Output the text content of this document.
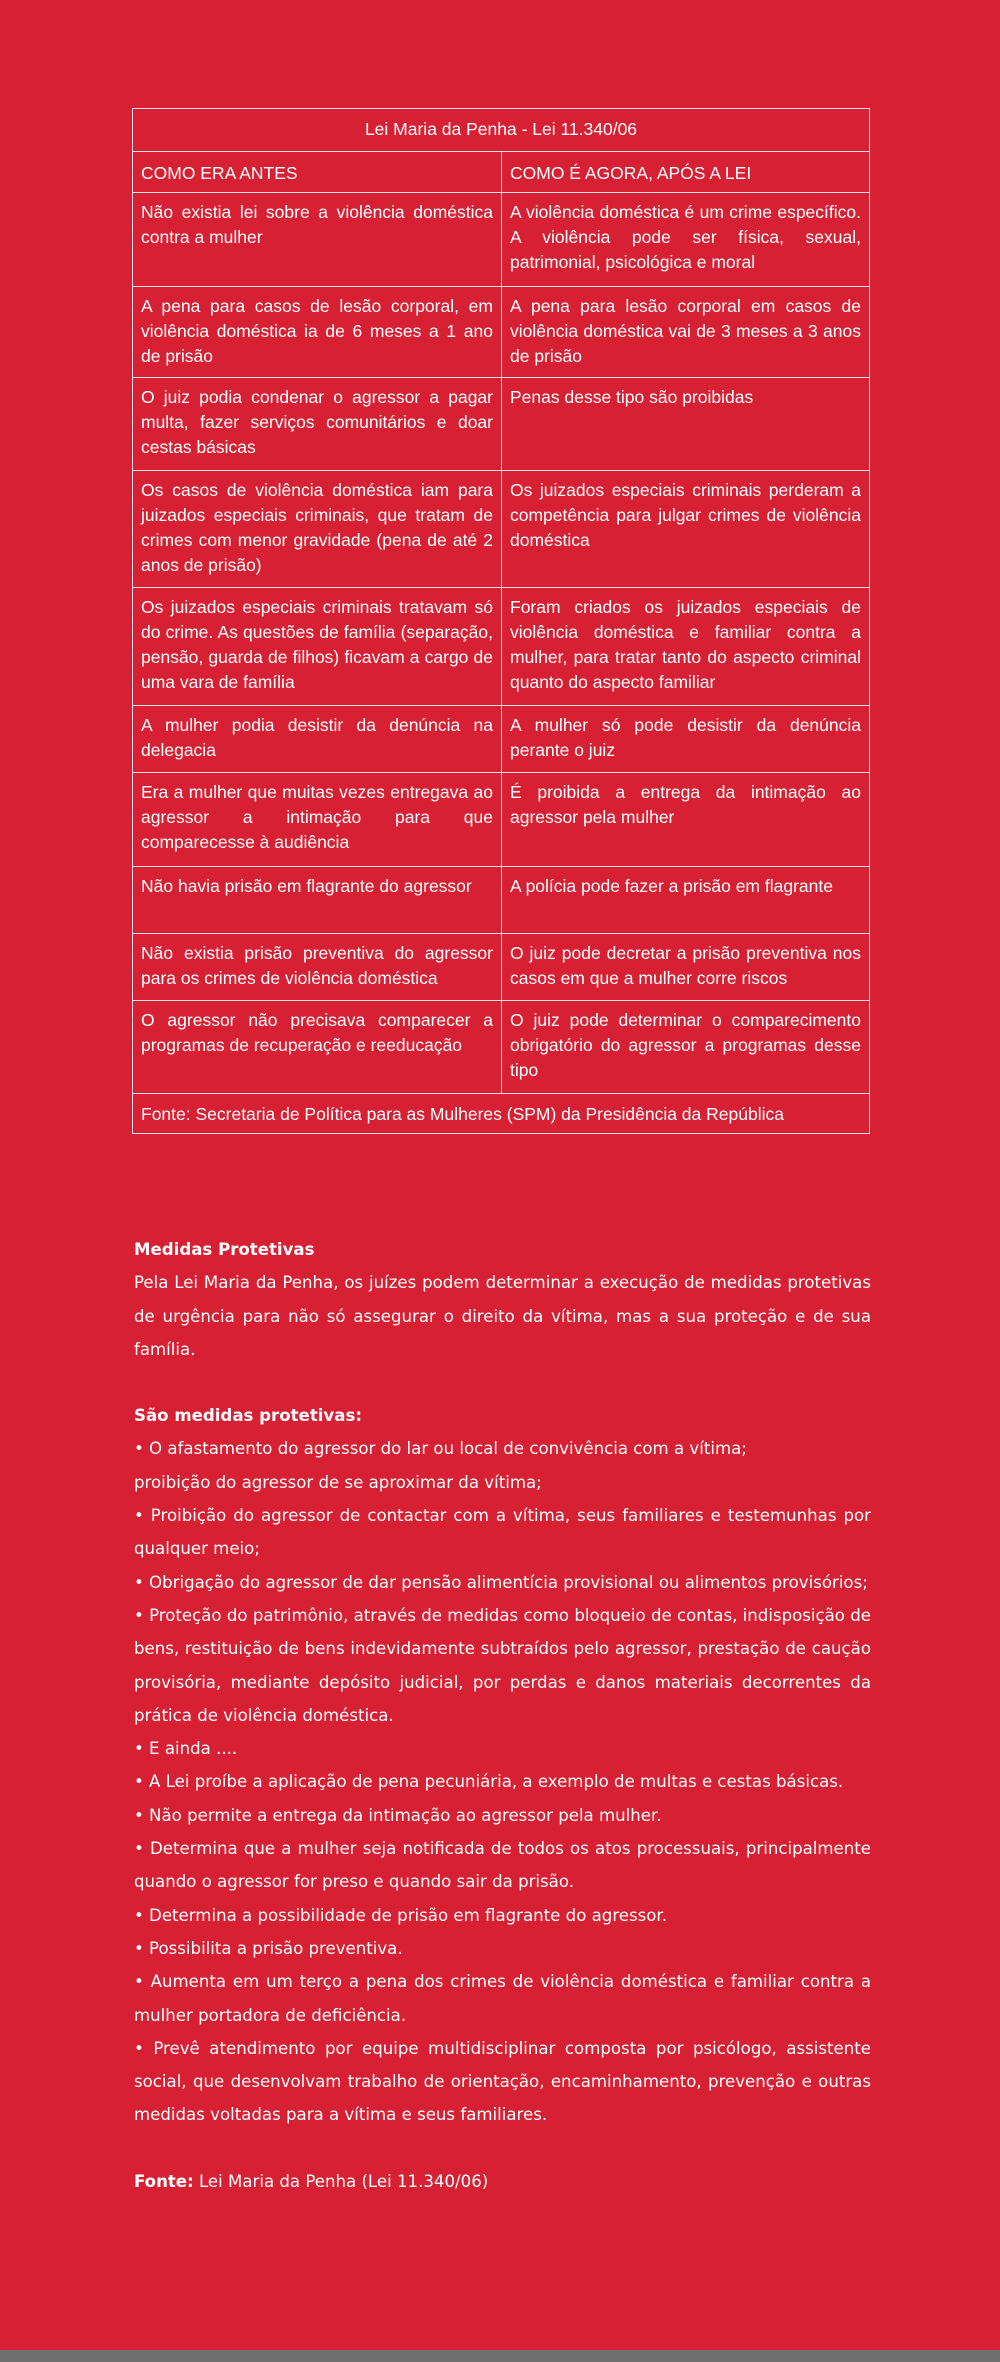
Lei Maria da Penha - Lei 11.340/06	
COMO ERA ANTES	COMO É AGORA, APÓS A LEI
Não existia lei sobre a violência doméstica contra a mulher	A violência doméstica é um crime específico. A violência pode ser física, sexual, patrimonial, psicológica e moral
A pena para casos de lesão corporal, em violência doméstica ia de 6 meses a 1 ano de prisão	A pena para lesão corporal em casos de violência doméstica vai de 3 meses a 3 anos de prisão
O juiz podia condenar o agressor a pagar multa, fazer serviços comunitários e doar cestas básicas	Penas desse tipo são proibidas
Os casos de violência doméstica iam para juizados especiais criminais, que tratam de crimes com menor gravidade (pena de até 2 anos de prisão)	Os juizados especiais criminais perderam a competência para julgar crimes de violência doméstica
Os juizados especiais criminais tratavam só do crime. As questões de família (separação, pensão, guarda de filhos) ficavam a cargo de uma vara de família	Foram criados os juizados especiais de violência doméstica e familiar contra a mulher, para tratar tanto do aspecto criminal quanto do aspecto familiar
A mulher podia desistir da denúncia na delegacia	A mulher só pode desistir da denúncia perante o juiz
Era a mulher que muitas vezes entregava ao agressor a intimação para que comparecesse à audiência	É proibida a entrega da intimação ao agressor pela mulher
Não havia prisão em flagrante do agressor	A polícia pode fazer a prisão em flagrante
Não existia prisão preventiva do agressor para os crimes de violência doméstica	O juiz pode decretar a prisão preventiva nos casos em que a mulher corre riscos
O agressor não precisava comparecer a programas de recuperação e reeducação	O juiz pode determinar o comparecimento obrigatório do agressor a programas desse tipo
Fonte: Secretaria de Política para as Mulheres (SPM) da Presidência da República	

Medidas Protetivas

Pela Lei Maria da Penha, os juízes podem determinar a execução de medidas protetivas de urgência para não só assegurar o direito da vítima, mas a sua proteção e de sua família.

São medidas protetivas:

• O afastamento do agressor do lar ou local de convivência com a vítima;

proibição do agressor de se aproximar da vítima;

• Proibição do agressor de contactar com a vítima, seus familiares e testemunhas por qualquer meio;

• Obrigação do agressor de dar pensão alimentícia provisional ou alimentos provisórios;

• Proteção do patrimônio, através de medidas como bloqueio de contas, indisposição de bens, restituição de bens indevidamente subtraídos pelo agressor, prestação de caução provisória, mediante depósito judicial, por perdas e danos materiais decorrentes da prática de violência doméstica.

• E ainda ....

• A Lei proíbe a aplicação de pena pecuniária, a exemplo de multas e cestas básicas.

• Não permite a entrega da intimação ao agressor pela mulher.

• Determina que a mulher seja notificada de todos os atos processuais, principalmente quando o agressor for preso e quando sair da prisão.

• Determina a possibilidade de prisão em flagrante do agressor.

• Possibilita a prisão preventiva.

• Aumenta em um terço a pena dos crimes de violência doméstica e familiar contra a mulher portadora de deficiência.

• Prevê atendimento por equipe multidisciplinar composta por psicólogo, assistente social, que desenvolvam trabalho de orientação, encaminhamento, prevenção e outras medidas voltadas para a vítima e seus familiares.

Fonte: Lei Maria da Penha (Lei 11.340/06)
